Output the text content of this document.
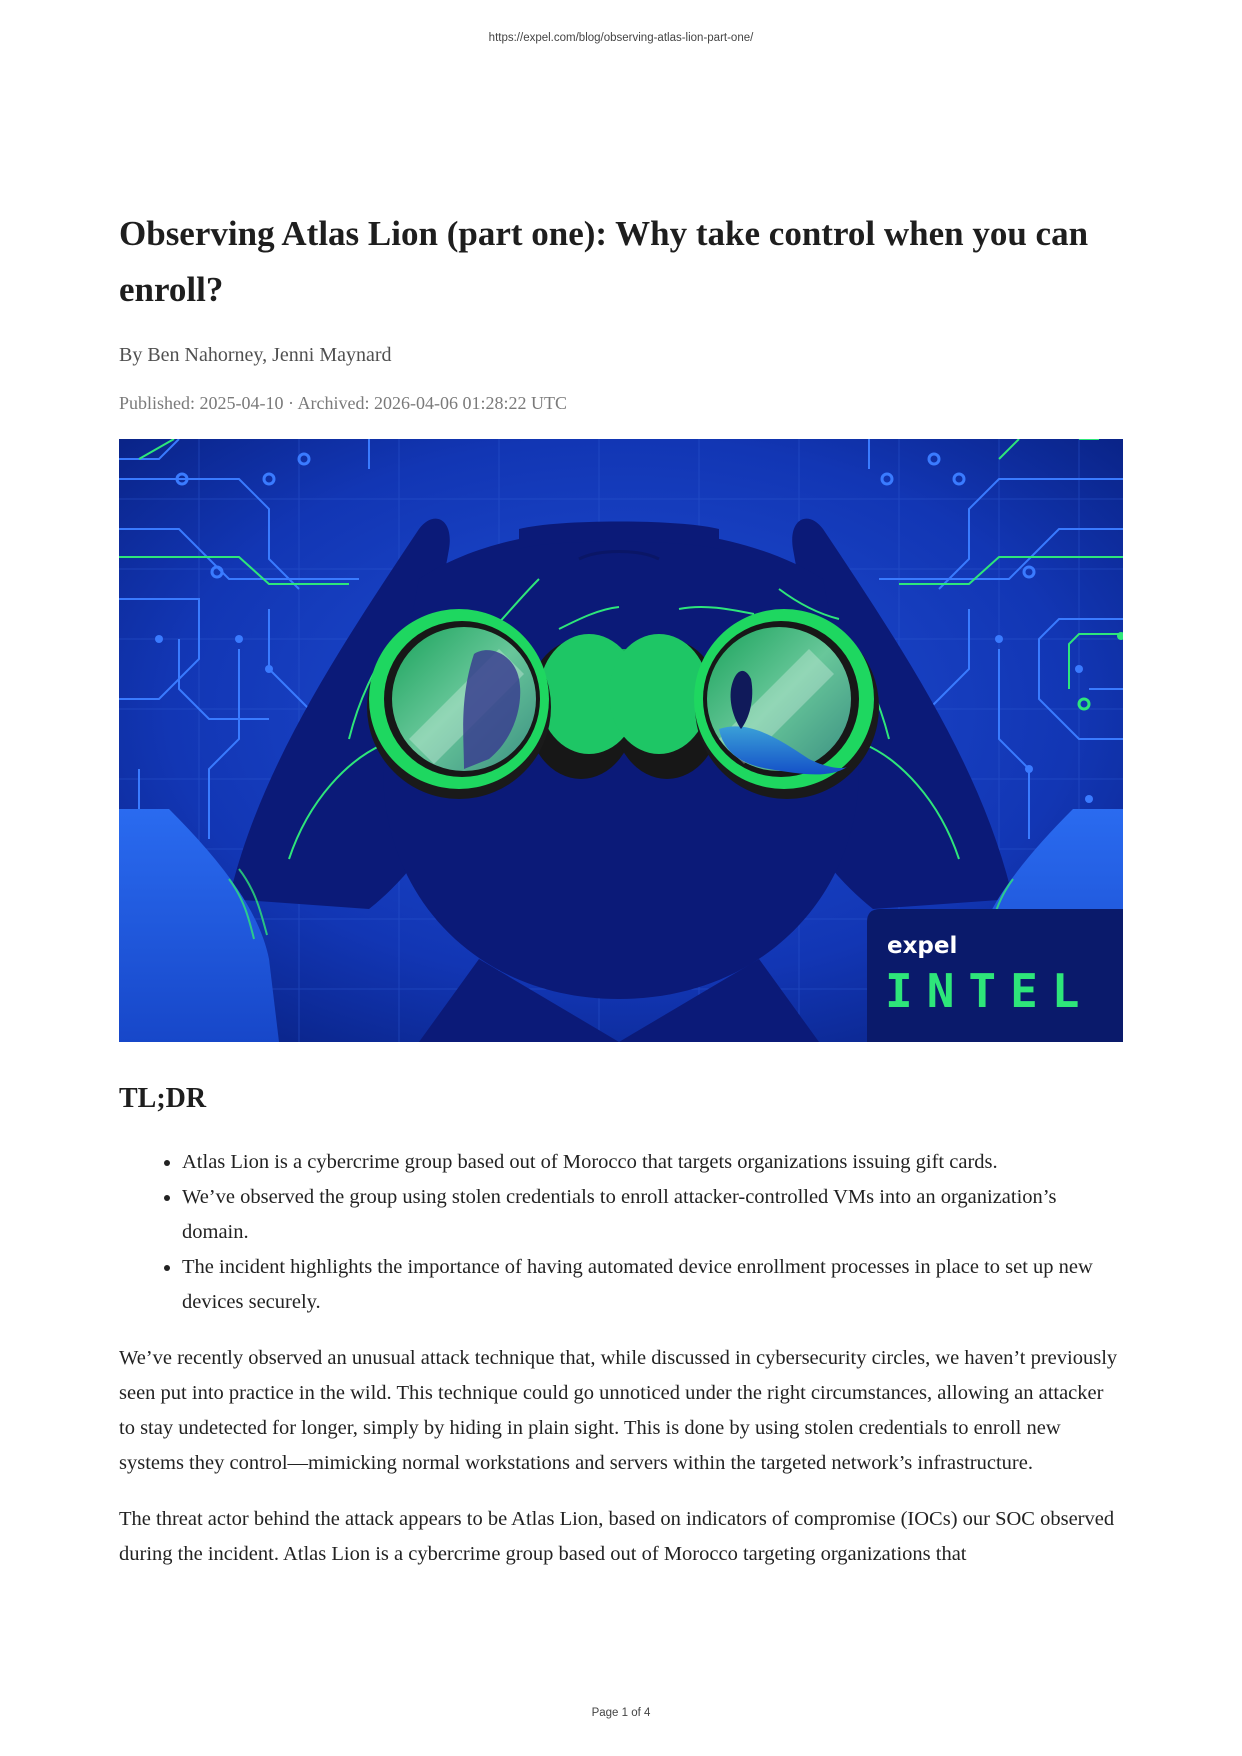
https://expel.com/blog/observing-atlas-lion-part-one/
Observing Atlas Lion (part one): Why take control when you can enroll?
By Ben Nahorney, Jenni Maynard
Published: 2025-04-10 · Archived: 2026-04-06 01:28:22 UTC
expel
INTEL
TL;DR
• Atlas Lion is a cybercrime group based out of Morocco that targets organizations issuing gift cards.
• We’ve observed the group using stolen credentials to enroll attacker-controlled VMs into an organization’s domain.
• The incident highlights the importance of having automated device enrollment processes in place to set up new devices securely.

We’ve recently observed an unusual attack technique that, while discussed in cybersecurity circles, we haven’t previously seen put into practice in the wild. This technique could go unnoticed under the right circumstances, allowing an attacker to stay undetected for longer, simply by hiding in plain sight. This is done by using stolen credentials to enroll new systems they control—mimicking normal workstations and servers within the targeted network’s infrastructure.

The threat actor behind the attack appears to be Atlas Lion, based on indicators of compromise (IOCs) our SOC observed during the incident. Atlas Lion is a cybercrime group based out of Morocco targeting organizations that

Page 1 of 4
